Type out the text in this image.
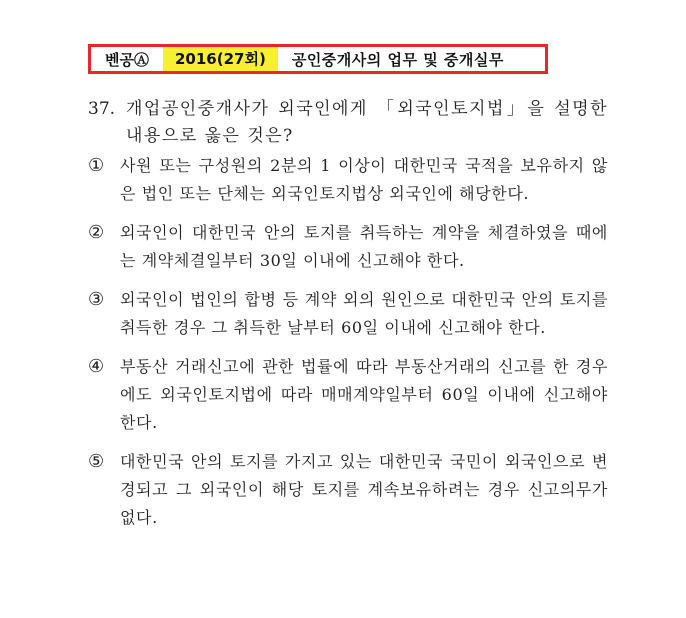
벤공Ⓐ	2016(27회)	공인중개사의 업무 및 중개실무
37. 개업공인중개사가 외국인에게 「외국인토지법」을 설명한 내용으로 옳은 것은?
① 사원 또는 구성원의 2분의 1 이상이 대한민국 국적을 보유하지 않은 법인 또는 단체는 외국인토지법상 외국인에 해당한다.
② 외국인이 대한민국 안의 토지를 취득하는 계약을 체결하였을 때에는 계약체결일부터 30일 이내에 신고해야 한다.
③ 외국인이 법인의 합병 등 계약 외의 원인으로 대한민국 안의 토지를 취득한 경우 그 취득한 날부터 60일 이내에 신고해야 한다.
④ 부동산 거래신고에 관한 법률에 따라 부동산거래의 신고를 한 경우에도 외국인토지법에 따라 매매계약일부터 60일 이내에 신고해야 한다.
⑤ 대한민국 안의 토지를 가지고 있는 대한민국 국민이 외국인으로 변경되고 그 외국인이 해당 토지를 계속보유하려는 경우 신고의무가 없다.
